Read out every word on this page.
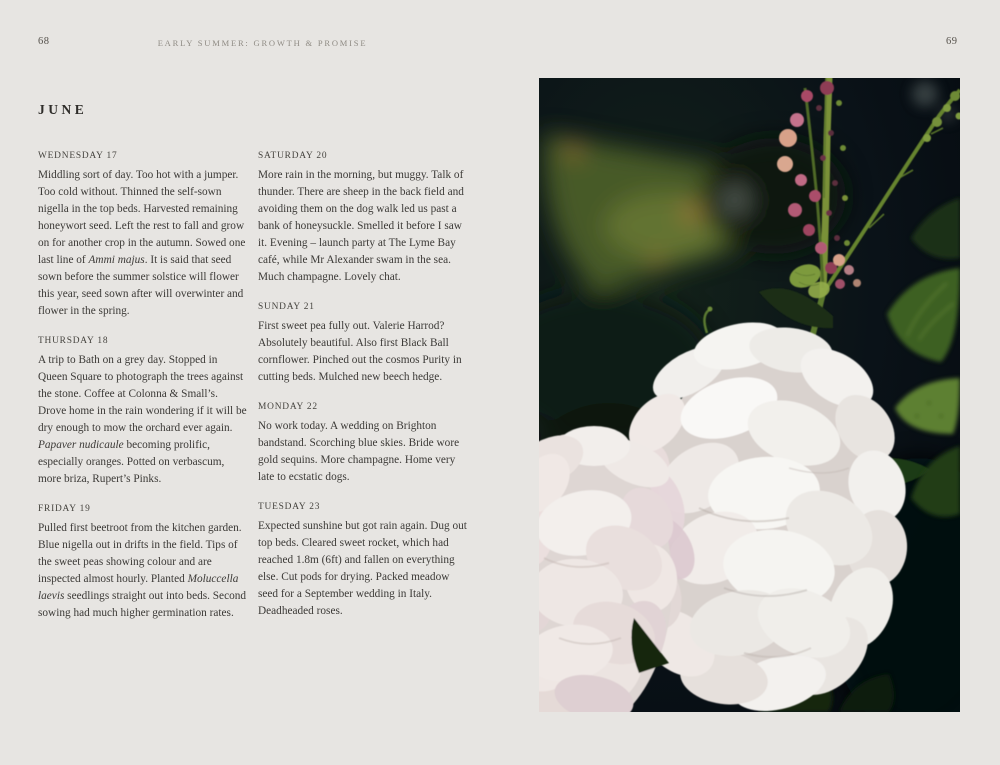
68	EARLY SUMMER: GROWTH & PROMISE	69
JUNE
WEDNESDAY 17
Middling sort of day. Too hot with a jumper. Too cold without. Thinned the self-sown nigella in the top beds. Harvested remaining honeywort seed. Left the rest to fall and grow on for another crop in the autumn. Sowed one last line of Ammi majus. It is said that seed sown before the summer solstice will flower this year, seed sown after will overwinter and flower in the spring.
THURSDAY 18
A trip to Bath on a grey day. Stopped in Queen Square to photograph the trees against the stone. Coffee at Colonna & Small’s. Drove home in the rain wondering if it will be dry enough to mow the orchard ever again. Papaver nudicaule becoming prolific, especially oranges. Potted on verbascum, more briza, Rupert’s Pinks.
FRIDAY 19
Pulled first beetroot from the kitchen garden. Blue nigella out in drifts in the field. Tips of the sweet peas showing colour and are inspected almost hourly. Planted Moluccella laevis seedlings straight out into beds. Second sowing had much higher germination rates.
SATURDAY 20
More rain in the morning, but muggy. Talk of thunder. There are sheep in the back field and avoiding them on the dog walk led us past a bank of honeysuckle. Smelled it before I saw it. Evening – launch party at The Lyme Bay café, while Mr Alexander swam in the sea. Much champagne. Lovely chat.
SUNDAY 21
First sweet pea fully out. Valerie Harrod? Absolutely beautiful. Also first Black Ball cornflower. Pinched out the cosmos Purity in cutting beds. Mulched new beech hedge.
MONDAY 22
No work today. A wedding on Brighton bandstand. Scorching blue skies. Bride wore gold sequins. More champagne. Home very late to ecstatic dogs.
TUESDAY 23
Expected sunshine but got rain again. Dug out top beds. Cleared sweet rocket, which had reached 1.8m (6ft) and fallen on everything else. Cut pods for drying. Packed meadow seed for a September wedding in Italy. Deadheaded roses.
